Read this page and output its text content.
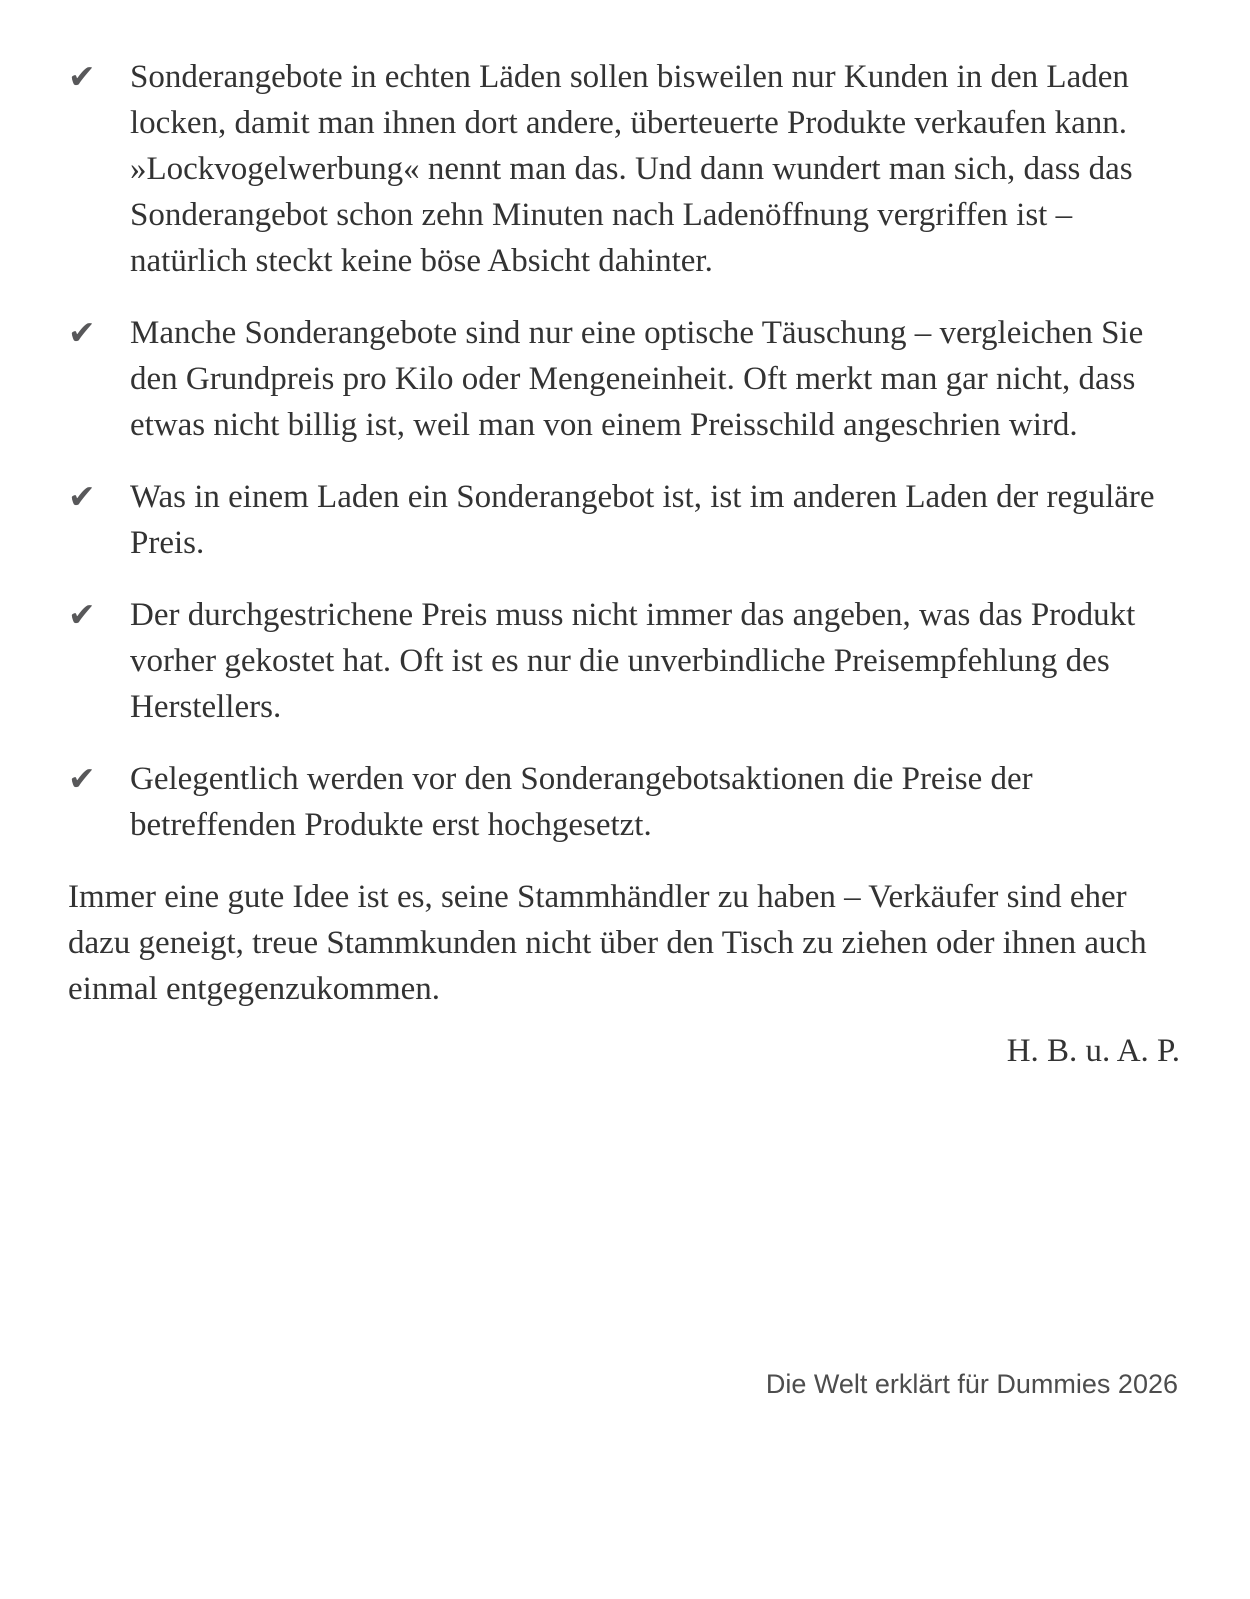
✔	Sonderangebote in echten Läden sollen bisweilen nur Kunden in den Laden locken, damit man ihnen dort andere, überteuerte Produkte verkaufen kann. »Lockvogelwerbung« nennt man das. Und dann wundert man sich, dass das Sonderangebot schon zehn Minuten nach Ladenöffnung vergriffen ist – natürlich steckt keine böse Absicht dahinter.
✔	Manche Sonderangebote sind nur eine optische Täuschung – vergleichen Sie den Grundpreis pro Kilo oder Mengeneinheit. Oft merkt man gar nicht, dass etwas nicht billig ist, weil man von einem Preisschild angeschrien wird.
✔	Was in einem Laden ein Sonderangebot ist, ist im anderen Laden der reguläre Preis.
✔	Der durchgestrichene Preis muss nicht immer das angeben, was das Produkt vorher gekostet hat. Oft ist es nur die unverbindliche Preisempfehlung des Herstellers.
✔	Gelegentlich werden vor den Sonderangebotsaktionen die Preise der betreffenden Produkte erst hochgesetzt.

Immer eine gute Idee ist es, seine Stammhändler zu haben – Verkäufer sind eher dazu geneigt, treue Stammkunden nicht über den Tisch zu ziehen oder ihnen auch einmal entgegenzukommen.

H. B. u. A. P.

Die Welt erklärt für Dummies 2026
